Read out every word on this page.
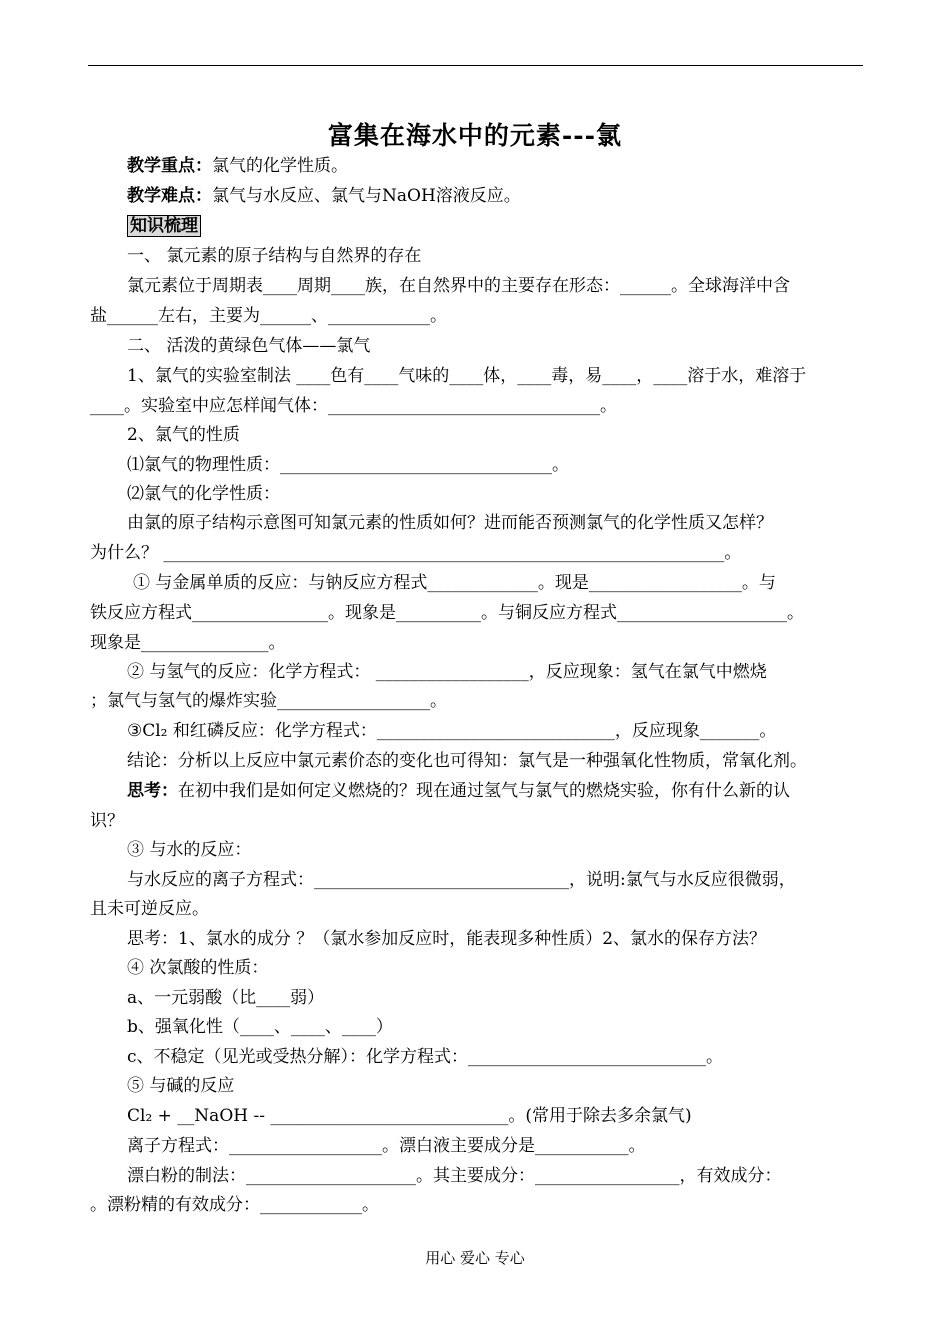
富集在海水中的元素---氯
教学重点：氯气的化学性质。
教学难点：氯气与水反应、氯气与NaOH溶液反应。
知识梳理
一、 氯元素的原子结构与自然界的存在
氯元素位于周期表____周期____族，在自然界中的主要存在形态：______。全球海洋中含
盐______左右，主要为______、____________。
二、 活泼的黄绿色气体——氯气
1、氯气的实验室制法 ____色有____气味的____体，____毒，易____，____溶于水，难溶于
____。实验室中应怎样闻气体：________________________________。
2、氯气的性质
⑴氯气的物理性质：________________________________。
⑵氯气的化学性质：
由氯的原子结构示意图可知氯元素的性质如何？进而能否预测氯气的化学性质又怎样？
为什么？ __________________________________________________________________。
① 与金属单质的反应：与钠反应方程式_____________。现是__________________。与
铁反应方程式________________。现象是__________。与铜反应方程式____________________。
现象是_______________。
② 与氢气的反应：化学方程式： __________________，反应现象：氢气在氯气中燃烧
；氯气与氢气的爆炸实验__________________。
③Cl₂ 和红磷反应：化学方程式：____________________________，反应现象_______。
结论：分析以上反应中氯元素价态的变化也可得知：氯气是一种强氧化性物质，常氧化剂。
思考：在初中我们是如何定义燃烧的？现在通过氢气与氯气的燃烧实验，你有什么新的认
识？
③ 与水的反应：
与水反应的离子方程式：______________________________，说明:氯气与水反应很微弱，
且未可逆反应。
思考：1、氯水的成分 ？（氯水参加反应时，能表现多种性质）2、氯水的保存方法？
④ 次氯酸的性质：
a、一元弱酸（比____弱）
b、强氧化性（____、____、____）
c、不稳定（见光或受热分解）：化学方程式：____________________________。
⑤ 与碱的反应
Cl₂ + __NaOH -- ____________________________。(常用于除去多余氯气)
离子方程式：__________________。漂白液主要成分是___________。
漂白粉的制法：____________________。其主要成分：_________________，有效成分：
。漂粉精的有效成分：____________。
用心 爱心 专心
